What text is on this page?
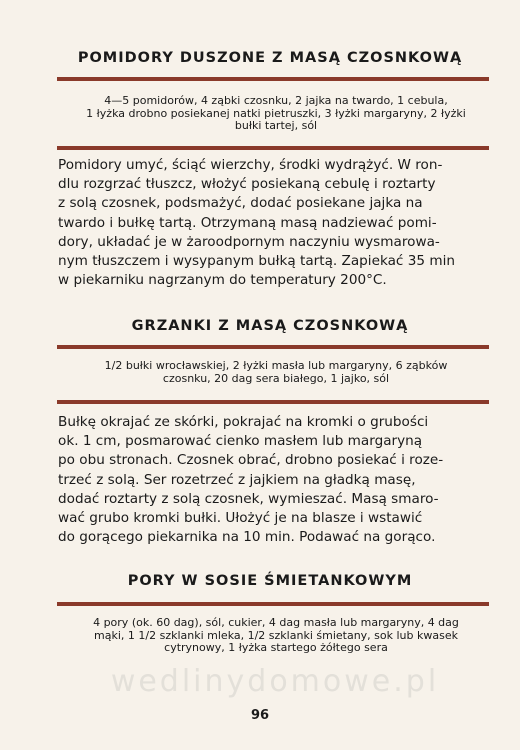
POMIDORY DUSZONE Z MASĄ CZOSNKOWĄ
4—5 pomidorów, 4 ząbki czosnku, 2 jajka na twardo, 1 cebula,
1 łyżka drobno posiekanej natki pietruszki, 3 łyżki margaryny, 2 łyżki
bułki tartej, sól
Pomidory umyć, ściąć wierzchy, środki wydrążyć. W ron-
dlu rozgrzać tłuszcz, włożyć posiekaną cebulę i roztarty
z solą czosnek, podsmażyć, dodać posiekane jajka na
twardo i bułkę tartą. Otrzymaną masą nadziewać pomi-
dory, układać je w żaroodpornym naczyniu wysmarowa-
nym tłuszczem i wysypanym bułką tartą. Zapiekać 35 min
w piekarniku nagrzanym do temperatury 200°C.
GRZANKI Z MASĄ CZOSNKOWĄ
1/2 bułki wrocławskiej, 2 łyżki masła lub margaryny, 6 ząbków
czosnku, 20 dag sera białego, 1 jajko, sól
Bułkę okrajać ze skórki, pokrajać na kromki o grubości
ok. 1 cm, posmarować cienko masłem lub margaryną
po obu stronach. Czosnek obrać, drobno posiekać i roze-
trzeć z solą. Ser rozetrzeć z jajkiem na gładką masę,
dodać roztarty z solą czosnek, wymieszać. Masą smaro-
wać grubo kromki bułki. Ułożyć je na blasze i wstawić
do gorącego piekarnika na 10 min. Podawać na gorąco.
PORY W SOSIE ŚMIETANKOWYM
4 pory (ok. 60 dag), sól, cukier, 4 dag masła lub margaryny, 4 dag
mąki, 1 1/2 szklanki mleka, 1/2 szklanki śmietany, sok lub kwasek
cytrynowy, 1 łyżka startego żółtego sera
wedlinydomowe.pl
96
